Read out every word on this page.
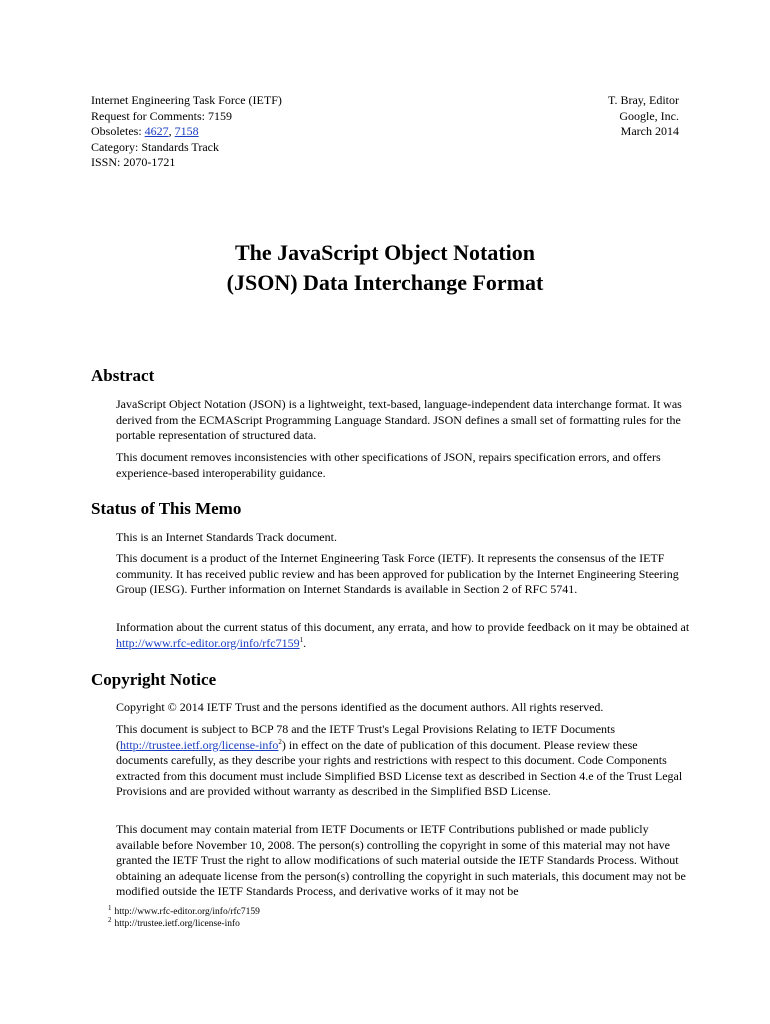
Internet Engineering Task Force (IETF)
Request for Comments: 7159
Obsoletes: 4627, 7158
Category: Standards Track
ISSN: 2070-1721
T. Bray, Editor
Google, Inc.
March 2014
The JavaScript Object Notation
(JSON) Data Interchange Format
Abstract

JavaScript Object Notation (JSON) is a lightweight, text-based, language-independent data interchange format. It was derived from the ECMAScript Programming Language Standard. JSON defines a small set of formatting rules for the portable representation of structured data.

This document removes inconsistencies with other specifications of JSON, repairs specification errors, and offers experience-based interoperability guidance.

Status of This Memo

This is an Internet Standards Track document.

This document is a product of the Internet Engineering Task Force (IETF). It represents the consensus of the IETF community. It has received public review and has been approved for publication by the Internet Engineering Steering Group (IESG). Further information on Internet Standards is available in Section 2 of RFC 5741.

Information about the current status of this document, any errata, and how to provide feedback on it may be obtained at http://www.rfc-editor.org/info/rfc7159$^1$.

Copyright Notice

Copyright © 2014 IETF Trust and the persons identified as the document authors. All rights reserved.

This document is subject to BCP 78 and the IETF Trust's Legal Provisions Relating to IETF Documents (http://trustee.ietf.org/license-info$^2$) in effect on the date of publication of this document. Please review these documents carefully, as they describe your rights and restrictions with respect to this document. Code Components extracted from this document must include Simplified BSD License text as described in Section 4.e of the Trust Legal Provisions and are provided without warranty as described in the Simplified BSD License.

This document may contain material from IETF Documents or IETF Contributions published or made publicly available before November 10, 2008. The person(s) controlling the copyright in some of this material may not have granted the IETF Trust the right to allow modifications of such material outside the IETF Standards Process. Without obtaining an adequate license from the person(s) controlling the copyright in such materials, this document may not be modified outside the IETF Standards Process, and derivative works of it may not be

$^1$ http://www.rfc-editor.org/info/rfc7159
$^2$ http://trustee.ietf.org/license-info
